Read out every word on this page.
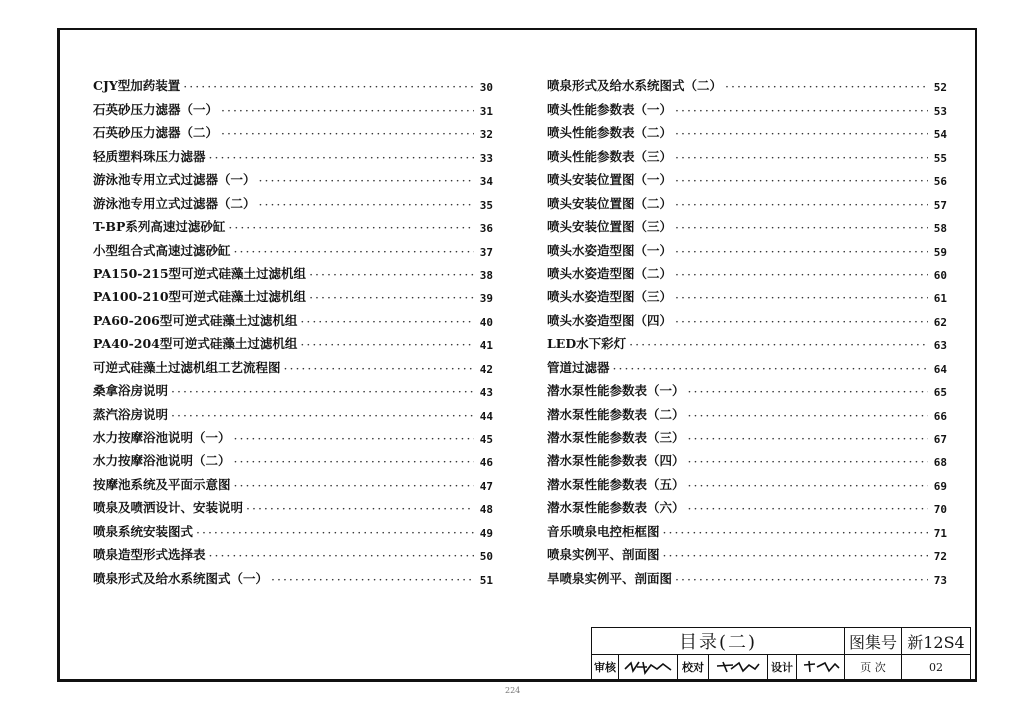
CJY型加药装置 ·····	30
石英砂压力滤器（一） ·····	31
石英砂压力滤器（二） ·····	32
轻质塑料珠压力滤器 ·····	33
游泳池专用立式过滤器（一） ·····	34
游泳池专用立式过滤器（二） ·····	35
T-BP系列高速过滤砂缸 ·····	36
小型组合式高速过滤砂缸 ·····	37
PA150-215型可逆式硅藻土过滤机组 ·····	38
PA100-210型可逆式硅藻土过滤机组 ·····	39
PA60-206型可逆式硅藻土过滤机组 ·····	40
PA40-204型可逆式硅藻土过滤机组 ·····	41
可逆式硅藻土过滤机组工艺流程图 ·····	42
桑拿浴房说明 ·····	43
蒸汽浴房说明 ·····	44
水力按摩浴池说明（一） ·····	45
水力按摩浴池说明（二） ·····	46
按摩池系统及平面示意图 ·····	47
喷泉及喷洒设计、安装说明 ·····	48
喷泉系统安装图式 ·····	49
喷泉造型形式选择表 ·····	50
喷泉形式及给水系统图式（一） ·····	51
喷泉形式及给水系统图式（二） ·····	52
喷头性能参数表（一） ·····	53
喷头性能参数表（二） ·····	54
喷头性能参数表（三） ·····	55
喷头安装位置图（一） ·····	56
喷头安装位置图（二） ·····	57
喷头安装位置图（三） ·····	58
喷头水姿造型图（一） ·····	59
喷头水姿造型图（二） ·····	60
喷头水姿造型图（三） ·····	61
喷头水姿造型图（四） ·····	62
LED水下彩灯 ·····	63
管道过滤器 ·····	64
潜水泵性能参数表（一） ·····	65
潜水泵性能参数表（二） ·····	66
潜水泵性能参数表（三） ·····	67
潜水泵性能参数表（四） ·····	68
潜水泵性能参数表（五） ·····	69
潜水泵性能参数表（六） ·····	70
音乐喷泉电控柜框图 ·····	71
喷泉实例平、剖面图 ·····	72
旱喷泉实例平、剖面图 ·····	73
目录(二)						图集号	新12S4
审核		校对		设计		页 次	02
224
